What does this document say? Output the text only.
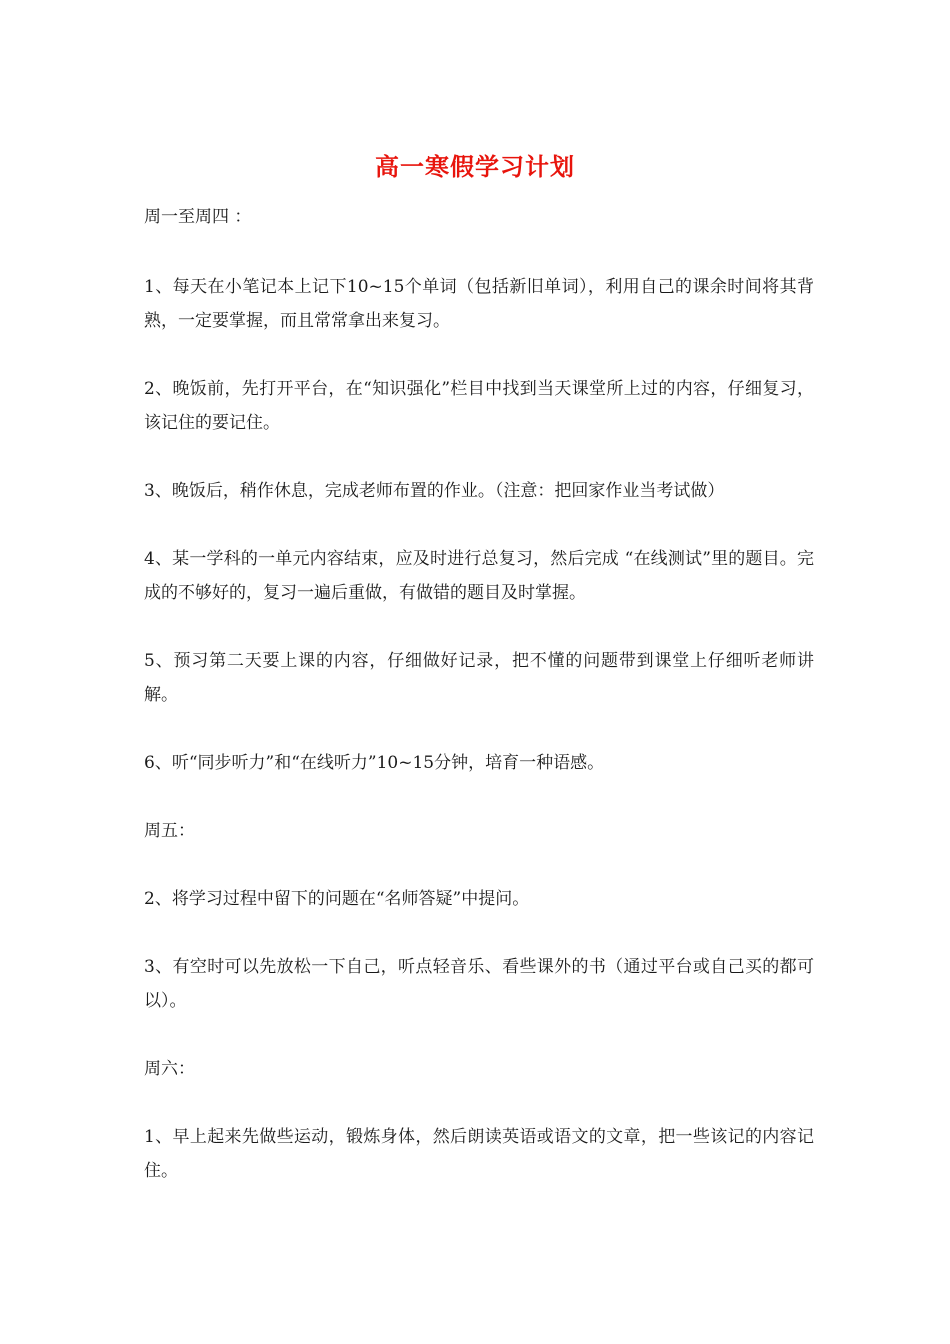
高一寒假学习计划

周一至周四 ：

1、每天在小笔记本上记下10~15个单词（包括新旧单词），利用自己的课余时间将其背熟，一定要掌握，而且常常拿出来复习。

2、晚饭前，先打开平台，在“知识强化”栏目中找到当天课堂所上过的内容，仔细复习，该记住的要记住。

3、晚饭后，稍作休息，完成老师布置的作业。（注意：把回家作业当考试做）

4、某一学科的一单元内容结束，应及时进行总复习，然后完成 “在线测试”里的题目。完成的不够好的，复习一遍后重做，有做错的题目及时掌握。

5、预习第二天要上课的内容，仔细做好记录，把不懂的问题带到课堂上仔细听老师讲解。

6、听“同步听力”和“在线听力”10~15分钟，培育一种语感。

周五：

2、将学习过程中留下的问题在“名师答疑”中提问。

3、有空时可以先放松一下自己，听点轻音乐、看些课外的书（通过平台或自己买的都可以）。

周六：

1、早上起来先做些运动，锻炼身体，然后朗读英语或语文的文章，把一些该记的内容记住。
